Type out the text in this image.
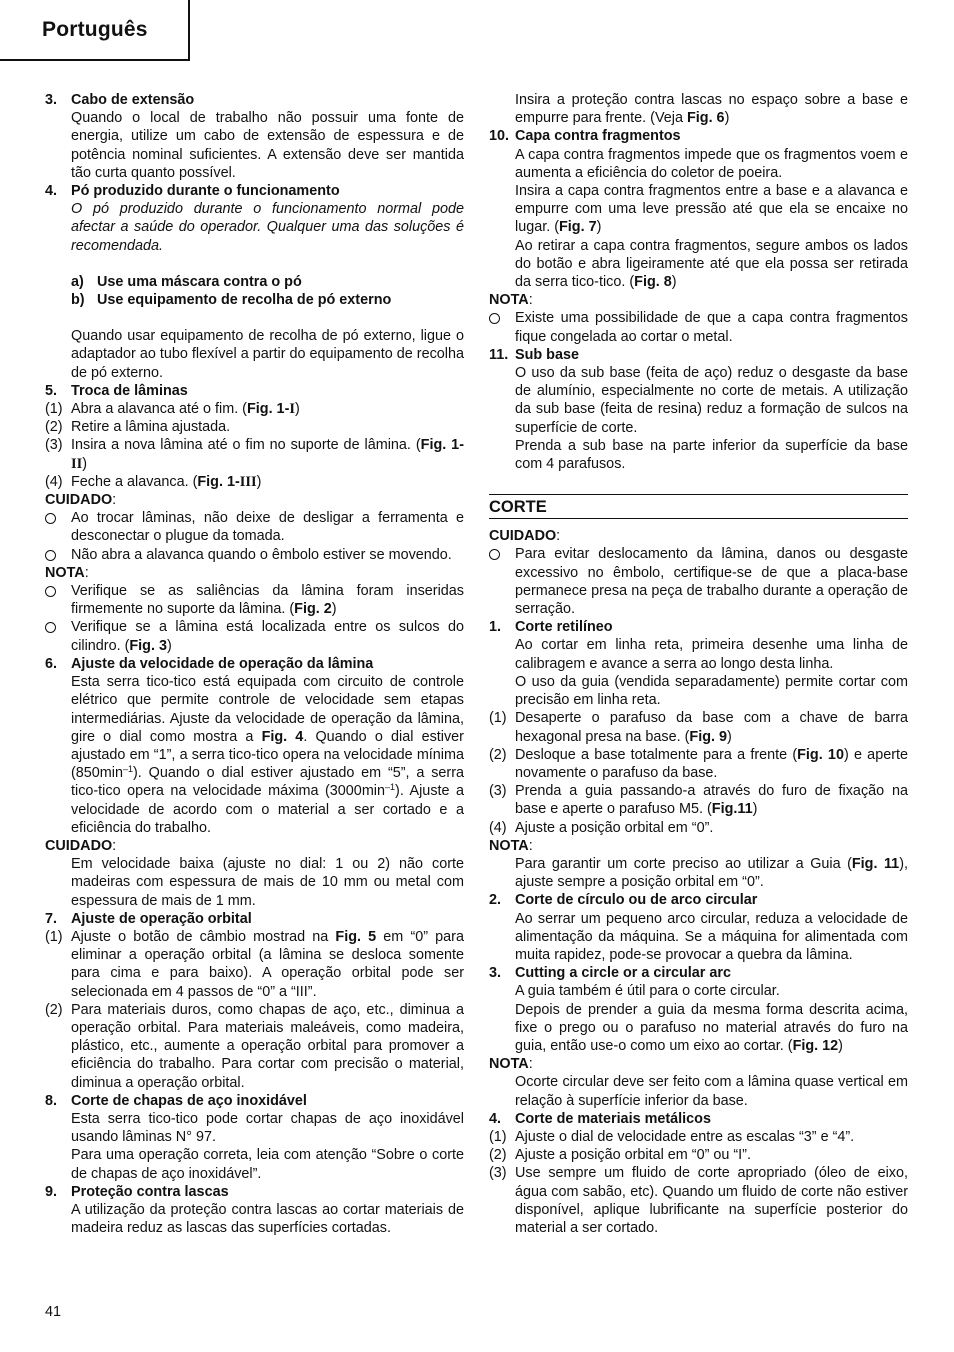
Português
3. Cabo de extensão
Quando o local de trabalho não possuir uma fonte de energia, utilize um cabo de extensão de espessura e de potência nominal suficientes. A extensão deve ser mantida tão curta quanto possível.
4. Pó produzido durante o funcionamento
O pó produzido durante o funcionamento normal pode afectar a saúde do operador. Qualquer uma das soluções é recomendada.
a) Use uma máscara contra o pó
b) Use equipamento de recolha de pó externo
Quando usar equipamento de recolha de pó externo, ligue o adaptador ao tubo flexível a partir do equipamento de recolha de pó externo.
5. Troca de lâminas
(1) Abra a alavanca até o fim. (Fig. 1-I)
(2) Retire a lâmina ajustada.
(3) Insira a nova lâmina até o fim no suporte de lâmina. (Fig. 1-II)
(4) Feche a alavanca. (Fig. 1-III)
CUIDADO:
Ao trocar lâminas, não deixe de desligar a ferramenta e desconectar o plugue da tomada.
Não abra a alavanca quando o êmbolo estiver se movendo.
NOTA:
Verifique se as saliências da lâmina foram inseridas firmemente no suporte da lâmina. (Fig. 2)
Verifique se a lâmina está localizada entre os sulcos do cilindro. (Fig. 3)
6. Ajuste da velocidade de operação da lâmina
Esta serra tico-tico está equipada com circuito de controle elétrico que permite controle de velocidade sem etapas intermediárias. Ajuste da velocidade de operação da lâmina, gire o dial como mostra a Fig. 4. Quando o dial estiver ajustado em “1”, a serra tico-tico opera na velocidade mínima $(850\min^{-1})$. Quando o dial estiver ajustado em “5”, a serra tico-tico opera na velocidade máxima $(3000\min^{-1})$. Ajuste a velocidade de acordo com o material a ser cortado e a eficiência do trabalho.
CUIDADO:
Em velocidade baixa (ajuste no dial: 1 ou 2) não corte madeiras com espessura de mais de 10 mm ou metal com espessura de mais de 1 mm.
7. Ajuste de operação orbital
(1) Ajuste o botão de câmbio mostrad na Fig. 5 em “0” para eliminar a operação orbital (a lâmina se desloca somente para cima e para baixo). A operação orbital pode ser selecionada em 4 passos de “0” a “III”.
(2) Para materiais duros, como chapas de aço, etc., diminua a operação orbital. Para materiais maleáveis, como madeira, plástico, etc., aumente a operação orbital para promover a eficiência do trabalho. Para cortar com precisão o material, diminua a operação orbital.
8. Corte de chapas de aço inoxidável
Esta serra tico-tico pode cortar chapas de aço inoxidável usando lâminas N° 97.
Para uma operação correta, leia com atenção “Sobre o corte de chapas de aço inoxidável”.
9. Proteção contra lascas
A utilização da proteção contra lascas ao cortar materiais de madeira reduz as lascas das superfícies cortadas.
Insira a proteção contra lascas no espaço sobre a base e empurre para frente. (Veja Fig. 6)
10. Capa contra fragmentos
A capa contra fragmentos impede que os fragmentos voem e aumenta a eficiência do coletor de poeira.
Insira a capa contra fragmentos entre a base e a alavanca e empurre com uma leve pressão até que ela se encaixe no lugar. (Fig. 7)
Ao retirar a capa contra fragmentos, segure ambos os lados do botão e abra ligeiramente até que ela possa ser retirada da serra tico-tico. (Fig. 8)
NOTA:
Existe uma possibilidade de que a capa contra fragmentos fique congelada ao cortar o metal.
11. Sub base
O uso da sub base (feita de aço) reduz o desgaste da base de alumínio, especialmente no corte de metais. A utilização da sub base (feita de resina) reduz a formação de sulcos na superfície de corte.
Prenda a sub base na parte inferior da superfície da base com 4 parafusos.
CORTE
CUIDADO:
Para evitar deslocamento da lâmina, danos ou desgaste excessivo no êmbolo, certifique-se de que a placa-base permanece presa na peça de trabalho durante a operação de serração.
1. Corte retilíneo
Ao cortar em linha reta, primeira desenhe uma linha de calibragem e avance a serra ao longo desta linha.
O uso da guia (vendida separadamente) permite cortar com precisão em linha reta.
(1) Desaperte o parafuso da base com a chave de barra hexagonal presa na base. (Fig. 9)
(2) Desloque a base totalmente para a frente (Fig. 10) e aperte novamente o parafuso da base.
(3) Prenda a guia passando-a através do furo de fixação na base e aperte o parafuso M5. (Fig.11)
(4) Ajuste a posição orbital em “0”.
NOTA:
Para garantir um corte preciso ao utilizar a Guia (Fig. 11), ajuste sempre a posição orbital em “0”.
2. Corte de círculo ou de arco circular
Ao serrar um pequeno arco circular, reduza a velocidade de alimentação da máquina. Se a máquina for alimentada com muita rapidez, pode-se provocar a quebra da lâmina.
3. Cutting a circle or a circular arc
A guia também é útil para o corte circular.
Depois de prender a guia da mesma forma descrita acima, fixe o prego ou o parafuso no material através do furo na guia, então use-o como um eixo ao cortar. (Fig. 12)
NOTA:
Ocorte circular deve ser feito com a lâmina quase vertical em relação à superfície inferior da base.
4. Corte de materiais metálicos
(1) Ajuste o dial de velocidade entre as escalas “3” e “4”.
(2) Ajuste a posição orbital em “0” ou “I”.
(3) Use sempre um fluido de corte apropriado (óleo de eixo, água com sabão, etc). Quando um fluido de corte não estiver disponível, aplique lubrificante na superfície posterior do material a ser cortado.
41
